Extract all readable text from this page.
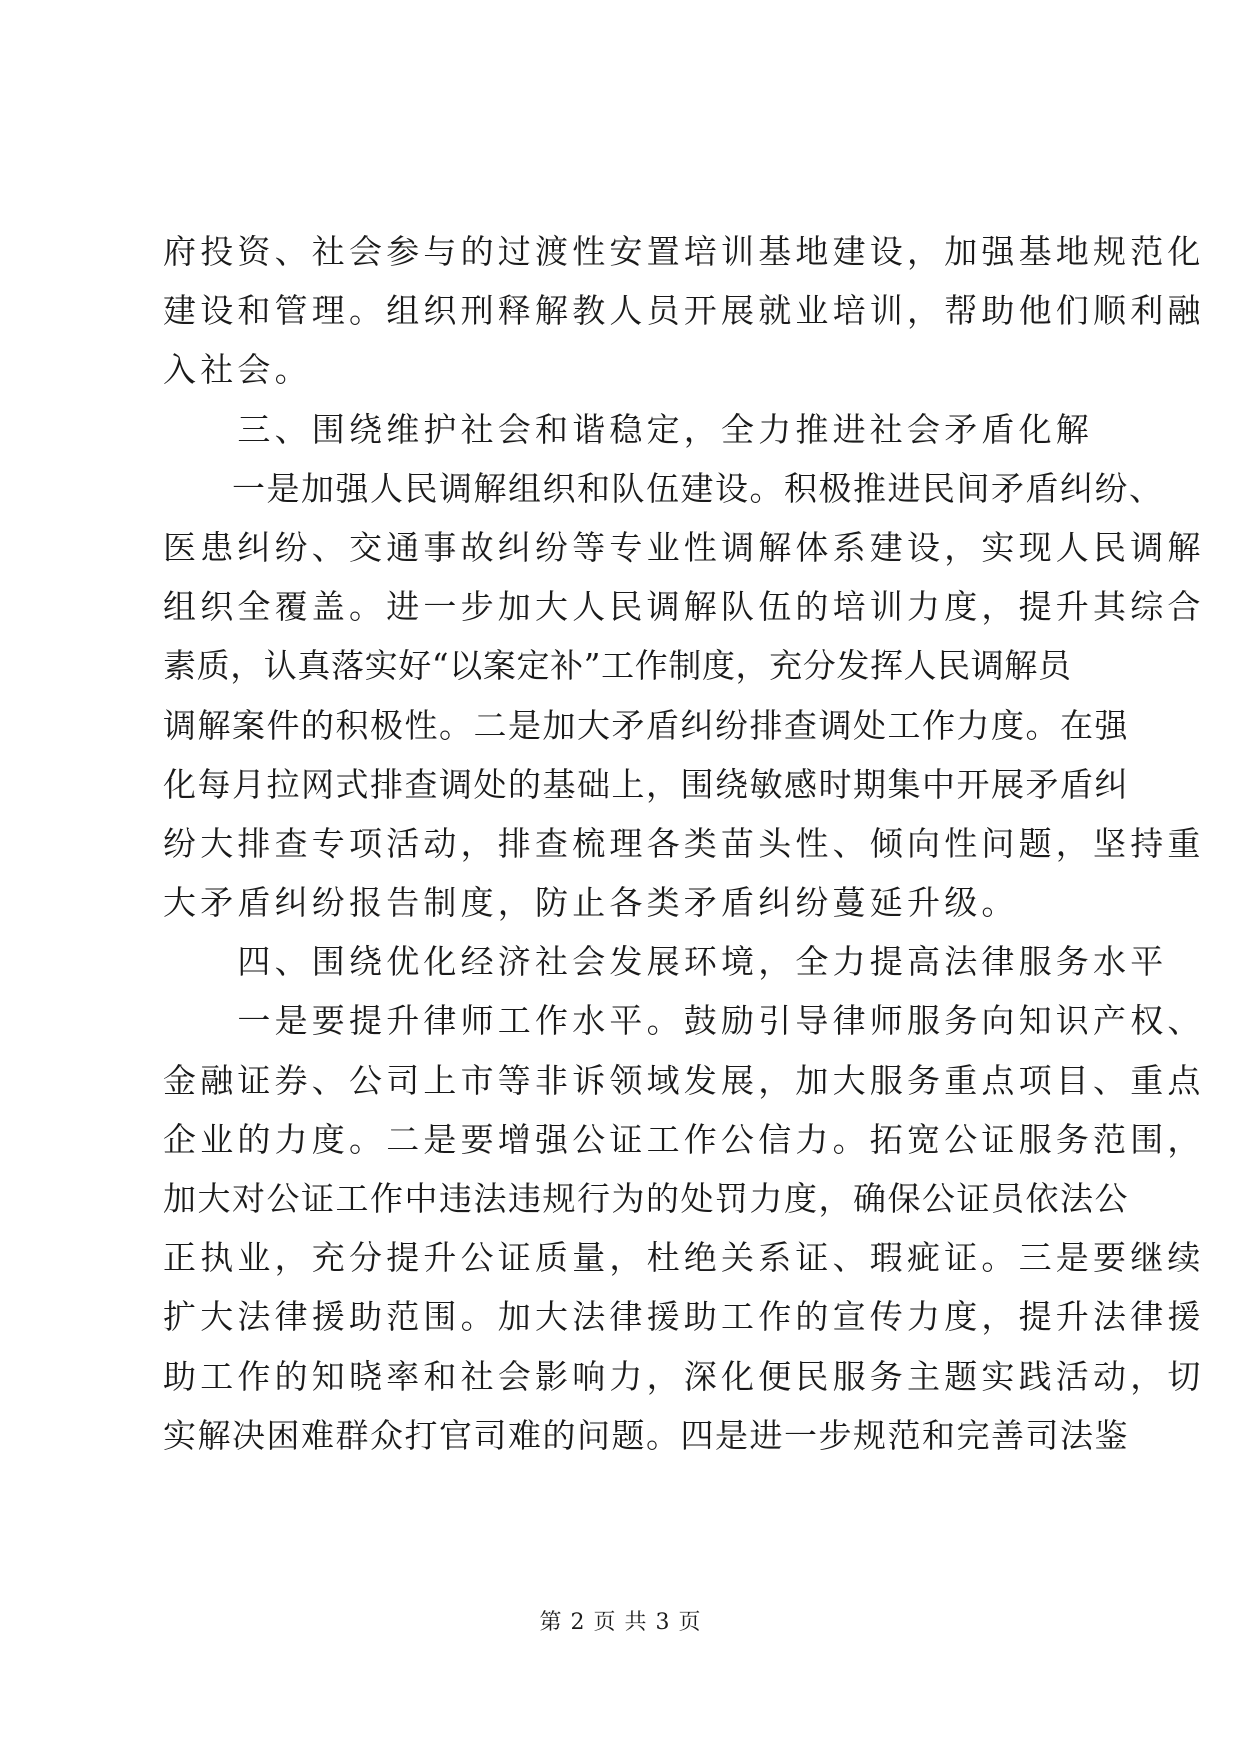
府投资、社会参与的过渡性安置培训基地建设，加强基地规范化
建设和管理。组织刑释解教人员开展就业培训，帮助他们顺利融
入社会。
　　三、围绕维护社会和谐稳定，全力推进社会矛盾化解
　　一是加强人民调解组织和队伍建设。积极推进民间矛盾纠纷、
医患纠纷、交通事故纠纷等专业性调解体系建设，实现人民调解
组织全覆盖。进一步加大人民调解队伍的培训力度，提升其综合
素质，认真落实好“以案定补”工作制度，充分发挥人民调解员
调解案件的积极性。二是加大矛盾纠纷排查调处工作力度。在强
化每月拉网式排查调处的基础上，围绕敏感时期集中开展矛盾纠
纷大排查专项活动，排查梳理各类苗头性、倾向性问题，坚持重
大矛盾纠纷报告制度，防止各类矛盾纠纷蔓延升级。
　　四、围绕优化经济社会发展环境，全力提高法律服务水平
　　一是要提升律师工作水平。鼓励引导律师服务向知识产权、
金融证券、公司上市等非诉领域发展，加大服务重点项目、重点
企业的力度。二是要增强公证工作公信力。拓宽公证服务范围，
加大对公证工作中违法违规行为的处罚力度，确保公证员依法公
正执业，充分提升公证质量，杜绝关系证、瑕疵证。三是要继续
扩大法律援助范围。加大法律援助工作的宣传力度，提升法律援
助工作的知晓率和社会影响力，深化便民服务主题实践活动，切
实解决困难群众打官司难的问题。四是进一步规范和完善司法鉴
第 2 页 共 3 页
